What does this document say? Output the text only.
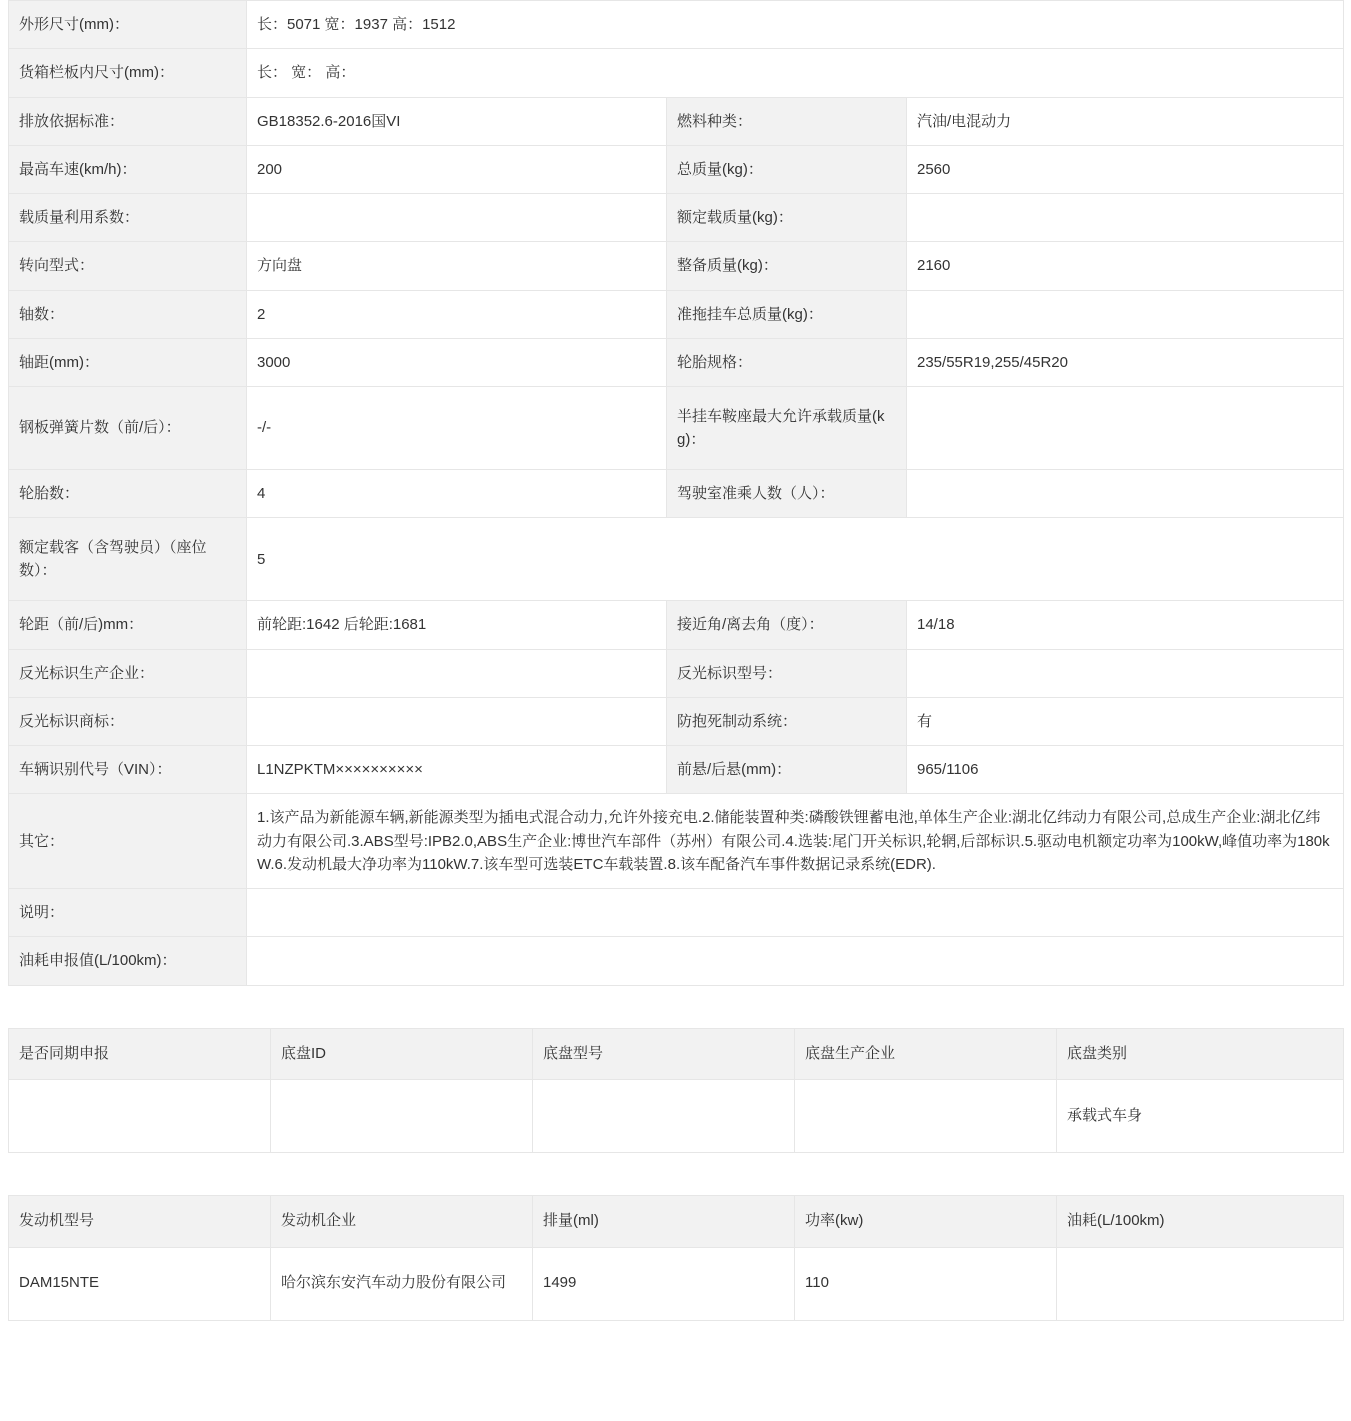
外形尺寸(mm)：	长：5071 宽：1937 高：1512		
货箱栏板内尺寸(mm)：	长： 宽： 高：		
排放依据标准：	GB18352.6-2016国VI	燃料种类：	汽油/电混动力
最高车速(km/h)：	200	总质量(kg)：	2560
载质量利用系数：		额定载质量(kg)：	
转向型式：	方向盘	整备质量(kg)：	2160
轴数：	2	准拖挂车总质量(kg)：	
轴距(mm)：	3000	轮胎规格：	235/55R19,255/45R20
钢板弹簧片数（前/后）：	-/-	半挂车鞍座最大允许承载质量(kg)：	
轮胎数：	4	驾驶室准乘人数（人）：	
额定载客（含驾驶员）（座位数）：	5		
轮距（前/后)mm：	前轮距:1642 后轮距:1681	接近角/离去角（度）：	14/18
反光标识生产企业：		反光标识型号：	
反光标识商标：		防抱死制动系统：	有
车辆识别代号（VIN）：	L1NZPKTM××××××××××	前悬/后悬(mm)：	965/1106
其它：	1.该产品为新能源车辆,新能源类型为插电式混合动力,允许外接充电.2.储能装置种类:磷酸铁锂蓄电池,单体生产企业:湖北亿纬动力有限公司,总成生产企业:湖北亿纬动力有限公司.3.ABS型号:IPB2.0,ABS生产企业:博世汽车部件（苏州）有限公司.4.选装:尾门开关标识,轮辋,后部标识.5.驱动电机额定功率为100kW,峰值功率为180kW.6.发动机最大净功率为110kW.7.该车型可选装ETC车载装置.8.该车配备汽车事件数据记录系统(EDR).		
说明：			
油耗申报值(L/100km)：			
是否同期申报	底盘ID	底盘型号	底盘生产企业	底盘类别
				承载式车身
发动机型号	发动机企业	排量(ml)	功率(kw)	油耗(L/100km)
DAM15NTE	哈尔滨东安汽车动力股份有限公司	1499	110	
